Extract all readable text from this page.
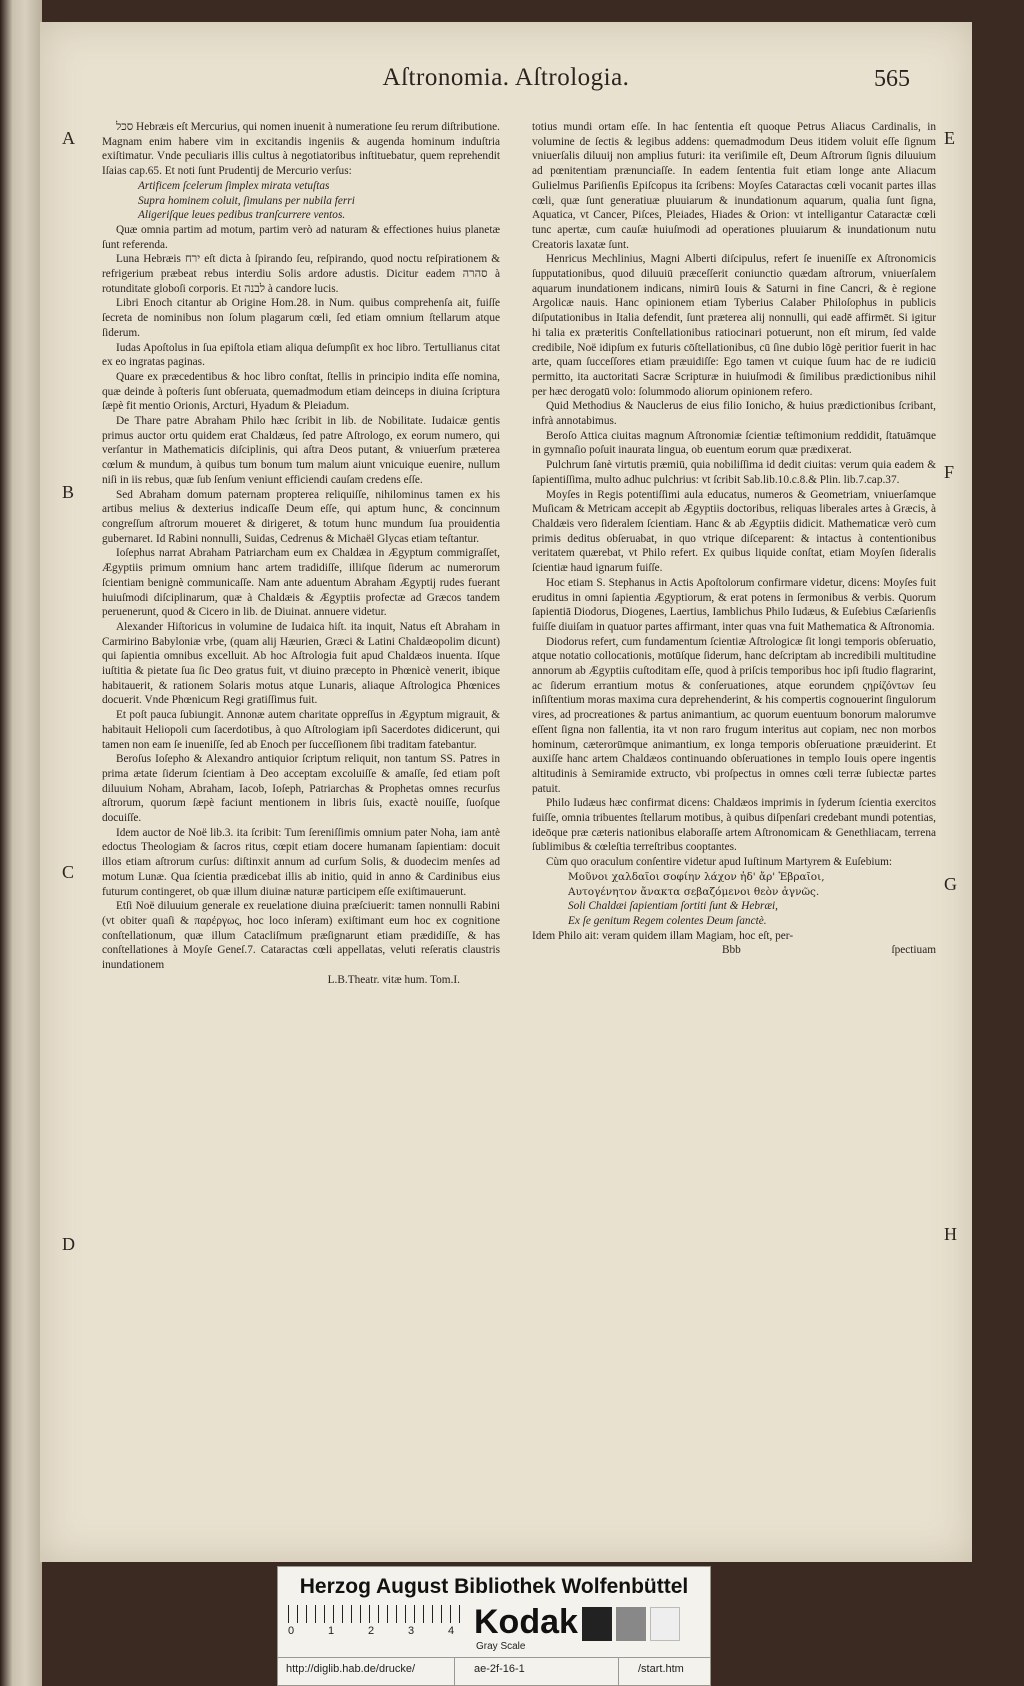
Aſtronomia. Aſtrologia.	565
A
B
C
D
E
F
G
H

סכל Hebræis eſt Mercurius, qui nomen inuenit à numeratione ſeu rerum diſtributione. Magnam enim habere vim in excitandis ingeniis & augenda hominum induſtria exiſtimatur. Vnde peculiaris illis cultus à negotiatoribus inſtituebatur, quem reprehendit Iſaias cap.65. Et noti ſunt Prudentij de Mercurio verſus:

Artificem ſcelerum ſimplex mirata vetuſtas

Supra hominem coluit, ſimulans per nubila ferri

Aligeriſque leues pedibus tranſcurrere ventos.

Quæ omnia partim ad motum, partim verò ad naturam & effectiones huius planetæ ſunt referenda.

Luna Hebræis ירח eſt dicta à ſpirando ſeu, reſpirando, quod noctu reſpirationem & refrigerium præbeat rebus interdiu Solis ardore adustis. Dicitur eadem סהרה à rotunditate globoſi corporis. Et לבנה à candore lucis.

Libri Enoch citantur ab Origine Hom.28. in Num. quibus comprehenſa ait, fuiſſe ſecreta de nominibus non ſolum plagarum cœli, ſed etiam omnium ſtellarum atque ſiderum.

Iudas Apoſtolus in ſua epiſtola etiam aliqua deſumpſit ex hoc libro. Tertullianus citat ex eo ingratas paginas.

Quare ex præcedentibus & hoc libro conſtat, ſtellis in principio indita eſſe nomina, quæ deinde à poſteris ſunt obſeruata, quemadmodum etiam deinceps in diuina ſcriptura ſæpè fit mentio Orionis, Arcturi, Hyadum & Pleiadum.

De Thare patre Abraham Philo hæc ſcribit in lib. de Nobilitate. Iudaicæ gentis primus auctor ortu quidem erat Chaldæus, ſed patre Aſtrologo, ex eorum numero, qui verſantur in Mathematicis diſciplinis, qui aſtra Deos putant, & vniuerſum præterea cœlum & mundum, à quibus tum bonum tum malum aiunt vnicuique euenire, nullum niſi in iis rebus, quæ ſub ſenſum veniunt efficiendi cauſam credens eſſe.

Sed Abraham domum paternam propterea reliquiſſe, nihilominus tamen ex his artibus melius & dexterius indicaſſe Deum eſſe, qui aptum hunc, & concinnum congreſſum aſtrorum moueret & dirigeret, & totum hunc mundum ſua prouidentia gubernaret. Id Rabini nonnulli, Suidas, Cedrenus & Michaël Glycas etiam teſtantur.

Ioſephus narrat Abraham Patriarcham eum ex Chaldæa in Ægyptum commigraſſet, Ægyptiis primum omnium hanc artem tradidiſſe, illiſque ſiderum ac numerorum ſcientiam benignè communicaſſe. Nam ante aduentum Abraham Ægyptij rudes fuerant huiuſmodi diſciplinarum, quæ à Chaldæis & Ægyptiis profectæ ad Græcos tandem peruenerunt, quod & Cicero in lib. de Diuinat. annuere videtur.

Alexander Hiſtoricus in volumine de Iudaica hiſt. ita inquit, Natus eſt Abraham in Carmirino Babyloniæ vrbe, (quam alij Hæurien, Græci & Latini Chaldæopolim dicunt) qui ſapientia omnibus excelluit. Ab hoc Aſtrologia fuit apud Chaldæos inuenta. Iſque iuſtitia & pietate ſua ſic Deo gratus fuit, vt diuino præcepto in Phœnicè venerit, ibique habitauerit, & rationem Solaris motus atque Lunaris, aliaque Aſtrologica Phœnices docuerit. Vnde Phœnicum Regi gratiſſimus fuit.

Et poſt pauca ſubiungit. Annonæ autem charitate oppreſſus in Ægyptum migrauit, & habitauit Heliopoli cum ſacerdotibus, à quo Aſtrologiam ipſi Sacerdotes didicerunt, qui tamen non eam ſe inueniſſe, ſed ab Enoch per ſucceſſionem ſibi traditam fatebantur.

Beroſus Ioſepho & Alexandro antiquior ſcriptum reliquit, non tantum SS. Patres in prima ætate ſiderum ſcientiam à Deo acceptam excoluiſſe & amaſſe, ſed etiam poſt diluuium Noham, Abraham, Iacob, Ioſeph, Patriarchas & Prophetas omnes recurſus aſtrorum, quorum ſæpè faciunt mentionem in libris ſuis, exactè nouiſſe, ſuoſque docuiſſe.

Idem auctor de Noë lib.3. ita ſcribit: Tum ſereniſſimis omnium pater Noha, iam antè edoctus Theologiam & ſacros ritus, cœpit etiam docere humanam ſapientiam: docuit illos etiam aſtrorum curſus: diſtinxit annum ad curſum Solis, & duodecim menſes ad motum Lunæ. Qua ſcientia prædicebat illis ab initio, quid in anno & Cardinibus eius futurum contingeret, ob quæ illum diuinæ naturæ participem eſſe exiſtimauerunt.

Etſi Noë diluuium generale ex reuelatione diuina præſciuerit: tamen nonnulli Rabini (vt obiter quaſi & παρέργως, hoc loco inſeram) exiſtimant eum hoc ex cognitione conſtellationum, quæ illum Catacliſmum præſignarunt etiam prædidiſſe, & has conſtellationes à Moyſe Geneſ.7. Cataractas cœli appellatas, veluti reſeratis claustris inundationem

L.B.Theatr. vitæ hum. Tom.I.

totius mundi ortam eſſe. In hac ſententia eſt quoque Petrus Aliacus Cardinalis, in volumine de ſectis & legibus addens: quemadmodum Deus itidem voluit eſſe ſignum vniuerſalis diluuij non amplius futuri: ita veriſimile eſt, Deum Aſtrorum ſignis diluuium ad pœnitentiam prænunciaſſe. In eadem ſententia fuit etiam longe ante Aliacum Gulielmus Pariſienſis Epiſcopus ita ſcribens: Moyſes Cataractas cœli vocanit partes illas cœli, quæ ſunt generatiuæ pluuiarum & inundationum aquarum, qualia ſunt ſigna, Aquatica, vt Cancer, Piſces, Pleiades, Hiades & Orion: vt intelligantur Cataractæ cœli tunc apertæ, cum cauſæ huiuſmodi ad operationes pluuiarum & inundationum nutu Creatoris laxatæ ſunt.

Henricus Mechlinius, Magni Alberti diſcipulus, refert ſe inueniſſe ex Aſtronomicis ſupputationibus, quod diluuiū præceſſerit coniunctio quædam aſtrorum, vniuerſalem aquarum inundationem indicans, nimirū Iouis & Saturni in fine Cancri, & è regione Argolicæ nauis. Hanc opinionem etiam Tyberius Calaber Philoſophus in publicis diſputationibus in Italia defendit, ſunt præterea alij nonnulli, qui eadē affirmēt. Si igitur hi talia ex præteritis Conſtellationibus ratiocinari potuerunt, non eſt mirum, ſed valde credibile, Noë idipſum ex futuris cōſtellationibus, cū ſine dubio lōgè peritior fuerit in hac arte, quam ſucceſſores etiam præuidiſſe: Ego tamen vt cuique ſuum hac de re iudiciū permitto, ita auctoritati Sacræ Scripturæ in huiuſmodi & ſimilibus prædictionibus nihil per hæc derogatū volo: ſolummodo aliorum opinionem refero.

Quid Methodius & Nauclerus de eius filio Ionicho, & huius prædictionibus ſcribant, infrà annotabimus.

Beroſo Attica ciuitas magnum Aſtronomiæ ſcientiæ teſtimonium reddidit, ſtatuāmque in gymnaſio poſuit inaurata lingua, ob euentum eorum quæ prædixerat.

Pulchrum ſanè virtutis præmiū, quia nobiliſſima id dedit ciuitas: verum quia eadem & ſapientiſſima, multo adhuc pulchrius: vt ſcribit Sab.lib.10.c.8.& Plin. lib.7.cap.37.

Moyſes in Regis potentiſſimi aula educatus, numeros & Geometriam, vniuerſamque Muſicam & Metricam accepit ab Ægyptiis doctoribus, reliquas liberales artes à Græcis, à Chaldæis vero ſideralem ſcientiam. Hanc & ab Ægyptiis didicit. Mathematicæ verò cum primis deditus obſeruabat, in quo vtrique diſceparent: & intactus à contentionibus veritatem quærebat, vt Philo refert. Ex quibus liquide conſtat, etiam Moyſen ſideralis ſcientiæ haud ignarum fuiſſe.

Hoc etiam S. Stephanus in Actis Apoſtolorum confirmare videtur, dicens: Moyſes fuit eruditus in omni ſapientia Ægyptiorum, & erat potens in ſermonibus & verbis. Quorum ſapientiā Diodorus, Diogenes, Laertius, Iamblichus Philo Iudæus, & Euſebius Cæſarienſis fuiſſe diuiſam in quatuor partes affirmant, inter quas vna fuit Mathematica & Aſtronomia.

Diodorus refert, cum fundamentum ſcientiæ Aſtrologicæ ſit longi temporis obſeruatio, atque notatio collocationis, motūſque ſiderum, hanc deſcriptam ab incredibili multitudine annorum ab Ægyptiis cuſtoditam eſſe, quod à priſcis temporibus hoc ipſi ſtudio flagrarint, ac ſiderum errantium motus & conſeruationes, atque eorundem ςηρίζόντων ſeu inſiſtentium moras maxima cura deprehenderint, & his compertis cognouerint ſingulorum vires, ad procreationes & partus animantium, ac quorum euentuum bonorum malorumve eſſent ſigna non fallentia, ita vt non raro frugum interitus aut copiam, nec non morbos hominum, cæterorūmque animantium, ex longa temporis obſeruatione præuiderint. Et auxiſſe hanc artem Chaldæos continuando obſeruationes in templo Iouis opere ingentis altitudinis à Semiramide extructo, vbi proſpectus in omnes cœli terræ ſubiectæ partes patuit.

Philo Iudæus hæc confirmat dicens: Chaldæos imprimis in ſyderum ſcientia exercitos fuiſſe, omnia tribuentes ſtellarum motibus, à quibus diſpenſari credebant mundi potentias, ideōque præ cæteris nationibus elaboraſſe artem Aſtronomicam & Genethliacam, terrena ſublimibus & cœleſtia terreſtribus cooptantes.

Cùm quo oraculum conſentire videtur apud Iuſtinum Martyrem & Euſebium:

Μοῦνοι χαλδαῖοι σοφίην λάχον ἠδ' ἄρ' Ἑβραῖοι,

Αυτογένητον ἄνακτα σεβαζόμενοι θεὸν ἁγνῶς.

Soli Chaldæi ſapientiam ſortiti ſunt & Hebræi,

Ex ſe genitum Regem colentes Deum ſanctè.

Idem Philo ait: veram quidem illam Magiam, hoc eſt, per-

Bbb	ſpectiuam

Herzog August Bibliothek Wolfenbüttel
0	1	2	3	4 Kodak
Gray Scale
http://diglib.hab.de/drucke/	ae-2f-16-1	/start.htm
